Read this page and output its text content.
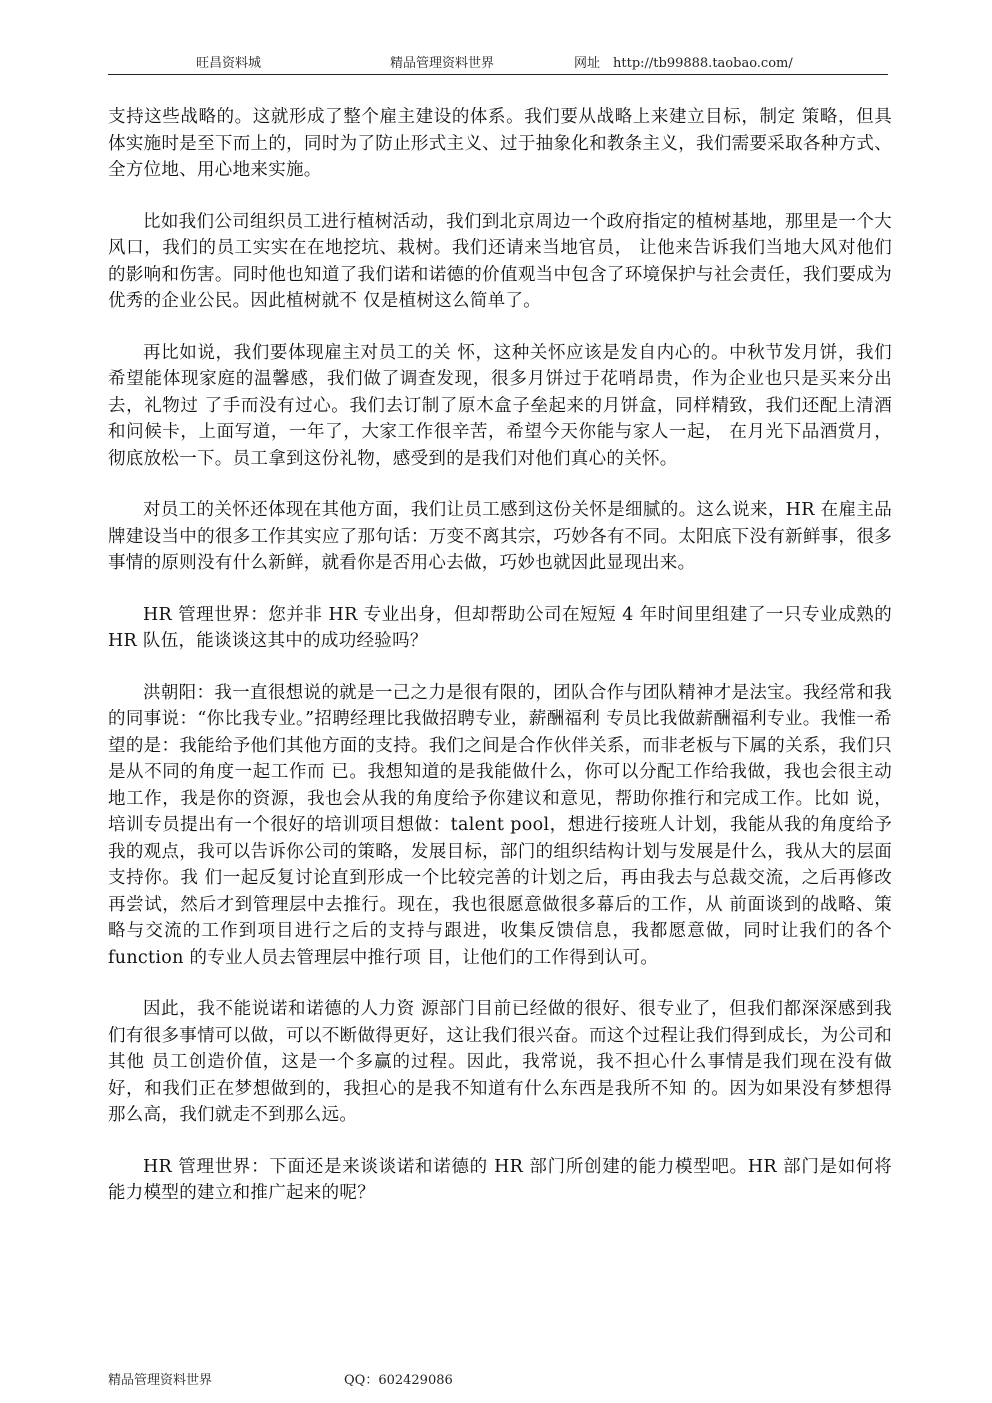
旺昌资料城	精品管理资料世界	网址　http://tb99888.taobao.com/

支持这些战略的。这就形成了整个雇主建设的体系。我们要从战略上来建立目标，制定 策略，但具体实施时是至下而上的，同时为了防止形式主义、过于抽象化和教条主义，我们需要采取各种方式、全方位地、用心地来实施。

比如我们公司组织员工进行植树活动，我们到北京周边一个政府指定的植树基地，那里是一个大风口，我们的员工实实在在地挖坑、栽树。我们还请来当地官员， 让他来告诉我们当地大风对他们的影响和伤害。同时他也知道了我们诺和诺德的价值观当中包含了环境保护与社会责任，我们要成为优秀的企业公民。因此植树就不 仅是植树这么简单了。

再比如说，我们要体现雇主对员工的关 怀，这种关怀应该是发自内心的。中秋节发月饼，我们希望能体现家庭的温馨感，我们做了调查发现，很多月饼过于花哨昂贵，作为企业也只是买来分出去，礼物过 了手而没有过心。我们去订制了原木盒子垒起来的月饼盒，同样精致，我们还配上清酒和问候卡，上面写道，一年了，大家工作很辛苦，希望今天你能与家人一起， 在月光下品酒赏月，彻底放松一下。员工拿到这份礼物，感受到的是我们对他们真心的关怀。

对员工的关怀还体现在其他方面，我们让员工感到这份关怀是细腻的。这么说来，HR 在雇主品牌建设当中的很多工作其实应了那句话：万变不离其宗，巧妙各有不同。太阳底下没有新鲜事，很多事情的原则没有什么新鲜，就看你是否用心去做，巧妙也就因此显现出来。

HR 管理世界：您并非 HR 专业出身，但却帮助公司在短短 4 年时间里组建了一只专业成熟的 HR 队伍，能谈谈这其中的成功经验吗？

洪朝阳：我一直很想说的就是一己之力是很有限的，团队合作与团队精神才是法宝。我经常和我的同事说：“你比我专业。”招聘经理比我做招聘专业，薪酬福利 专员比我做薪酬福利专业。我惟一希望的是：我能给予他们其他方面的支持。我们之间是合作伙伴关系，而非老板与下属的关系，我们只是从不同的角度一起工作而 已。我想知道的是我能做什么，你可以分配工作给我做，我也会很主动地工作，我是你的资源，我也会从我的角度给予你建议和意见，帮助你推行和完成工作。比如 说，培训专员提出有一个很好的培训项目想做：talent pool，想进行接班人计划，我能从我的角度给予我的观点，我可以告诉你公司的策略，发展目标，部门的组织结构计划与发展是什么，我从大的层面支持你。我 们一起反复讨论直到形成一个比较完善的计划之后，再由我去与总裁交流，之后再修改再尝试，然后才到管理层中去推行。现在，我也很愿意做很多幕后的工作，从 前面谈到的战略、策略与交流的工作到项目进行之后的支持与跟进，收集反馈信息，我都愿意做，同时让我们的各个 function 的专业人员去管理层中推行项 目，让他们的工作得到认可。

因此，我不能说诺和诺德的人力资 源部门目前已经做的很好、很专业了，但我们都深深感到我们有很多事情可以做，可以不断做得更好，这让我们很兴奋。而这个过程让我们得到成长，为公司和其他 员工创造价值，这是一个多赢的过程。因此，我常说，我不担心什么事情是我们现在没有做好，和我们正在梦想做到的，我担心的是我不知道有什么东西是我所不知 的。因为如果没有梦想得那么高，我们就走不到那么远。

HR 管理世界：下面还是来谈谈诺和诺德的 HR 部门所创建的能力模型吧。HR 部门是如何将能力模型的建立和推广起来的呢？

精品管理资料世界	QQ：602429086
